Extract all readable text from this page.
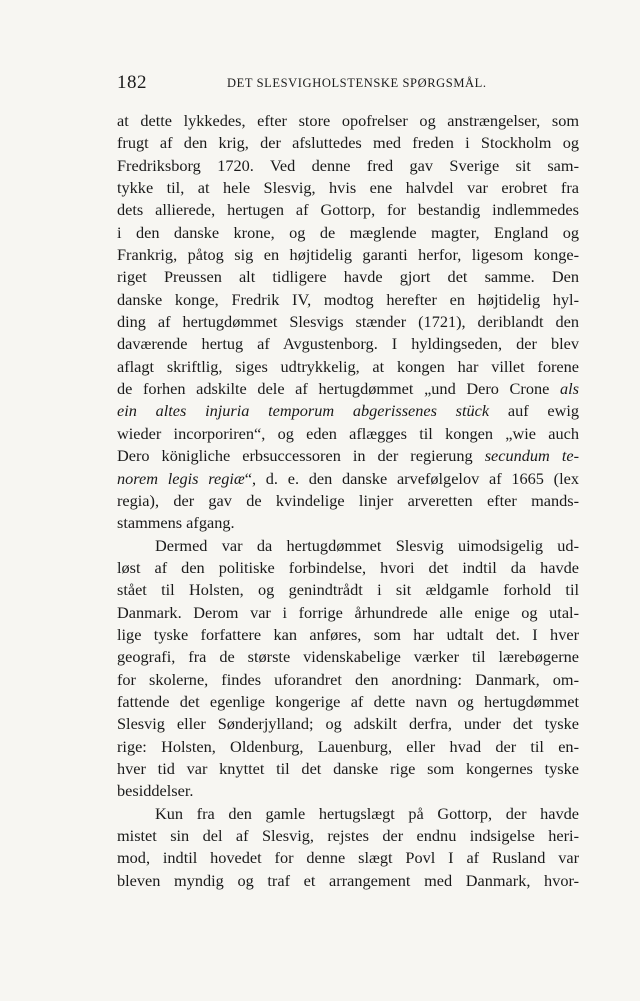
182	DET SLESVIGHOLSTENSKE SPØRGSMÅL.

at dette lykkedes, efter store opofrelser og anstrængelser, som
frugt af den krig, der afsluttedes med freden i Stockholm og
Fredriksborg 1720. Ved denne fred gav Sverige sit sam-
tykke til, at hele Slesvig, hvis ene halvdel var erobret fra
dets allierede, hertugen af Gottorp, for bestandig indlemmedes
i den danske krone, og de mæglende magter, England og
Frankrig, påtog sig en højtidelig garanti herfor, ligesom konge-
riget Preussen alt tidligere havde gjort det samme. Den
danske konge, Fredrik IV, modtog herefter en højtidelig hyl-
ding af hertugdømmet Slesvigs stænder (1721), deriblandt den
daværende hertug af Avgustenborg. I hyldingseden, der blev
aflagt skriftlig, siges udtrykkelig, at kongen har villet forene
de forhen adskilte dele af hertugdømmet „und Dero Crone als
ein altes injuria temporum abgerissenes stück auf ewig
wieder incorporiren“, og eden aflægges til kongen „wie auch
Dero königliche erbsuccessoren in der regierung secundum te-
norem legis regiæ“, d. e. den danske arvefølgelov af 1665 (lex
regia), der gav de kvindelige linjer arveretten efter mands-
stammens afgang.
Dermed var da hertugdømmet Slesvig uimodsigelig ud-
løst af den politiske forbindelse, hvori det indtil da havde
stået til Holsten, og genindtrådt i sit ældgamle forhold til
Danmark. Derom var i forrige århundrede alle enige og utal-
lige tyske forfattere kan anføres, som har udtalt det. I hver
geografi, fra de største videnskabelige værker til lærebøgerne
for skolerne, findes uforandret den anordning: Danmark, om-
fattende det egenlige kongerige af dette navn og hertugdømmet
Slesvig eller Sønderjylland; og adskilt derfra, under det tyske
rige: Holsten, Oldenburg, Lauenburg, eller hvad der til en-
hver tid var knyttet til det danske rige som kongernes tyske
besiddelser.
Kun fra den gamle hertugslægt på Gottorp, der havde
mistet sin del af Slesvig, rejstes der endnu indsigelse heri-
mod, indtil hovedet for denne slægt Povl I af Rusland var
bleven myndig og traf et arrangement med Danmark, hvor-
